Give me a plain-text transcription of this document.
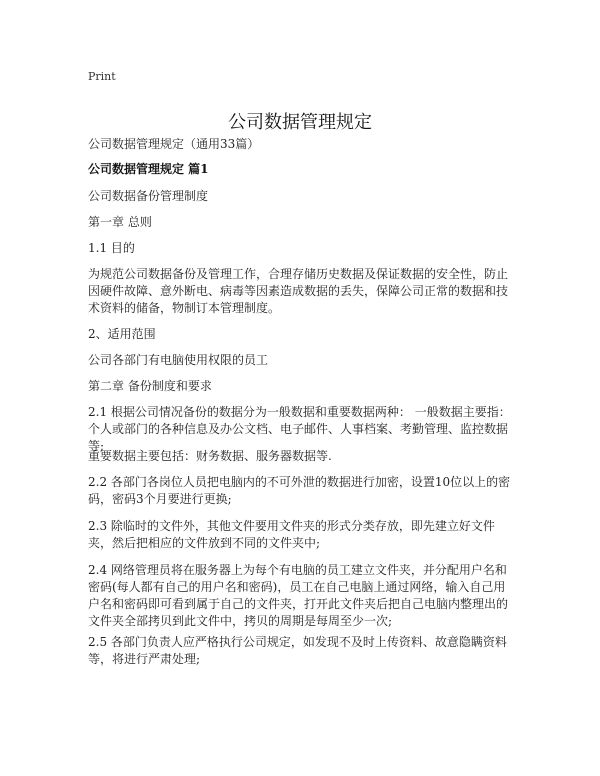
Print
公司数据管理规定

公司数据管理规定（通用33篇）

公司数据管理规定 篇1

公司数据备份管理制度

第一章 总则

1.1 目的

为规范公司数据备份及管理工作，合理存储历史数据及保证数据的安全性，防止因硬件故障、意外断电、病毒等因素造成数据的丢失，保障公司正常的数据和技术资料的储备，物制订本管理制度。

2、适用范围

公司各部门有电脑使用权限的员工

第二章 备份制度和要求

2.1 根据公司情况备份的数据分为一般数据和重要数据两种： 一般数据主要指：个人或部门的各种信息及办公文档、电子邮件、人事档案、考勤管理、监控数据等;

重要数据主要包括：财务数据、服务器数据等.

2.2 各部门各岗位人员把电脑内的不可外泄的数据进行加密，设置10位以上的密码，密码3个月要进行更换;

2.3 除临时的文件外，其他文件要用文件夹的形式分类存放，即先建立好文件夹，然后把相应的文件放到不同的文件夹中;

2.4 网络管理员将在服务器上为每个有电脑的员工建立文件夹，并分配用户名和密码(每人都有自己的用户名和密码)，员工在自己电脑上通过网络，输入自己用户名和密码即可看到属于自己的文件夹，打开此文件夹后把自己电脑内整理出的文件夹全部拷贝到此文件中，拷贝的周期是每周至少一次;

2.5 各部门负责人应严格执行公司规定，如发现不及时上传资料、故意隐瞒资料等，将进行严肃处理;
